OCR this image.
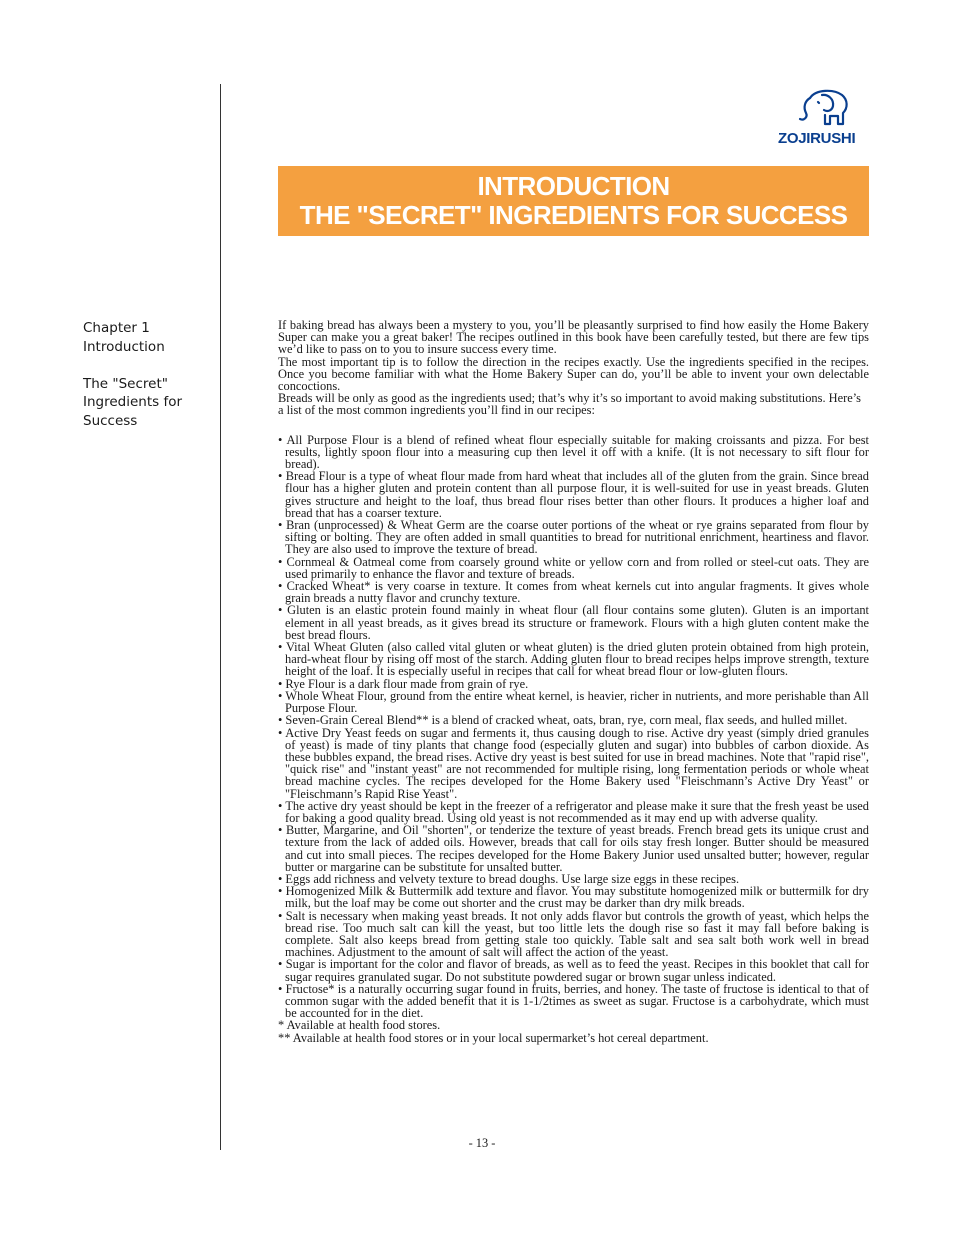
ZOJIRUSHI
INTRODUCTION
THE "SECRET" INGREDIENTS FOR SUCCESS
Chapter 1
Introduction
The "Secret"
Ingredients for
Success

If baking bread has always been a mystery to you, you’ll be pleasantly surprised to find how easily the Home Bakery Super can make you a great baker! The recipes outlined in this book have been carefully tested, but there are few tips we’d like to pass on to you to insure success every time.

The most important tip is to follow the direction in the recipes exactly. Use the ingredients specified in the recipes. Once you become familiar with what the Home Bakery Super can do, you’ll be able to invent your own delectable concoctions.

Breads will be only as good as the ingredients used; that’s why it’s so important to avoid making substitutions. Here’s a list of the most common ingredients you’ll find in our recipes:

• All Purpose Flour is a blend of refined wheat flour especially suitable for making croissants and pizza. For best results, lightly spoon flour into a measuring cup then level it off with a knife. (It is not necessary to sift flour for bread).

• Bread Flour is a type of wheat flour made from hard wheat that includes all of the gluten from the grain. Since bread flour has a higher gluten and protein content than all purpose flour, it is well-suited for use in yeast breads. Gluten gives structure and height to the loaf, thus bread flour rises better than other flours. It produces a higher loaf and bread that has a coarser texture.

• Bran (unprocessed) & Wheat Germ are the coarse outer portions of the wheat or rye grains separated from flour by sifting or bolting. They are often added in small quantities to bread for nutritional enrichment, heartiness and flavor. They are also used to improve the texture of bread.

• Cornmeal & Oatmeal come from coarsely ground white or yellow corn and from rolled or steel-cut oats. They are used primarily to enhance the flavor and texture of breads.

• Cracked Wheat* is very coarse in texture. It comes from wheat kernels cut into angular fragments. It gives whole grain breads a nutty flavor and crunchy texture.

• Gluten is an elastic protein found mainly in wheat flour (all flour contains some gluten). Gluten is an important element in all yeast breads, as it gives bread its structure or framework. Flours with a high gluten content make the best bread flours.

• Vital Wheat Gluten (also called vital gluten or wheat gluten) is the dried gluten protein obtained from high protein, hard-wheat flour by rising off most of the starch. Adding gluten flour to bread recipes helps improve strength, texture height of the loaf. It is especially useful in recipes that call for wheat bread flour or low-gluten flours.

• Rye Flour is a dark flour made from grain of rye.

• Whole Wheat Flour, ground from the entire wheat kernel, is heavier, richer in nutrients, and more perishable than All Purpose Flour.

• Seven-Grain Cereal Blend** is a blend of cracked wheat, oats, bran, rye, corn meal, flax seeds, and hulled millet.

• Active Dry Yeast feeds on sugar and ferments it, thus causing dough to rise. Active dry yeast (simply dried granules of yeast) is made of tiny plants that change food (especially gluten and sugar) into bubbles of carbon dioxide. As these bubbles expand, the bread rises. Active dry yeast is best suited for use in bread machines. Note that "rapid rise", "quick rise" and "instant yeast" are not recommended for multiple rising, long fermentation periods or whole wheat bread machine cycles. The recipes developed for the Home Bakery used "Fleischmann’s Active Dry Yeast" or "Fleischmann’s Rapid Rise Yeast".

• The active dry yeast should be kept in the freezer of a refrigerator and please make it sure that the fresh yeast be used for baking a good quality bread. Using old yeast is not recommended as it may end up with adverse quality.

• Butter, Margarine, and Oil "shorten", or tenderize the texture of yeast breads. French bread gets its unique crust and texture from the lack of added oils. However, breads that call for oils stay fresh longer. Butter should be measured and cut into small pieces. The recipes developed for the Home Bakery Junior used unsalted butter; however, regular butter or margarine can be substitute for unsalted butter.

• Eggs add richness and velvety texture to bread doughs. Use large size eggs in these recipes.

• Homogenized Milk & Buttermilk add texture and flavor. You may substitute homogenized milk or buttermilk for dry milk, but the loaf may be come out shorter and the crust may be darker than dry milk breads.

• Salt is necessary when making yeast breads. It not only adds flavor but controls the growth of yeast, which helps the bread rise. Too much salt can kill the yeast, but too little lets the dough rise so fast it may fall before baking is complete. Salt also keeps bread from getting stale too quickly. Table salt and sea salt both work well in bread machines. Adjustment to the amount of salt will affect the action of the yeast.

• Sugar is important for the color and flavor of breads, as well as to feed the yeast. Recipes in this booklet that call for sugar requires granulated sugar. Do not substitute powdered sugar or brown sugar unless indicated.

• Fructose* is a naturally occurring sugar found in fruits, berries, and honey. The taste of fructose is identical to that of common sugar with the added benefit that it is 1-1/2times as sweet as sugar. Fructose is a carbohydrate, which must be accounted for in the diet.

* Available at health food stores.

** Available at health food stores or in your local supermarket’s hot cereal department.

- 13 -
